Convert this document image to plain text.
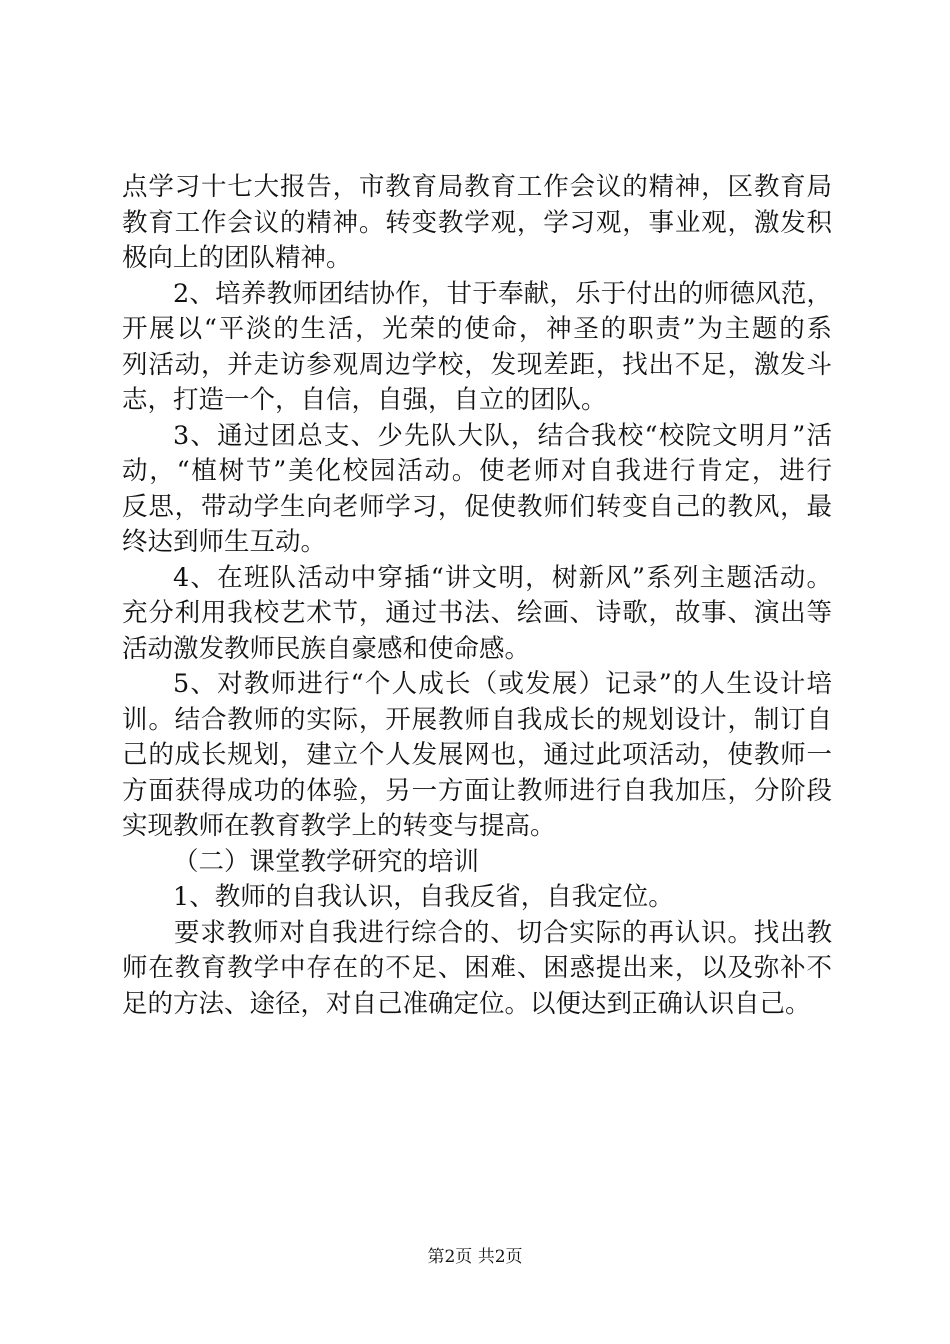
点学习十七大报告，市教育局教育工作会议的精神，区教育局
教育工作会议的精神。转变教学观，学习观，事业观，激发积
极向上的团队精神。
2、培养教师团结协作，甘于奉献，乐于付出的师德风范，
开展以“平淡的生活，光荣的使命，神圣的职责”为主题的系
列活动，并走访参观周边学校，发现差距，找出不足，激发斗
志，打造一个，自信，自强，自立的团队。
3、通过团总支、少先队大队，结合我校“校院文明月”活
动，“植树节”美化校园活动。使老师对自我进行肯定，进行
反思，带动学生向老师学习，促使教师们转变自己的教风，最
终达到师生互动。
4、在班队活动中穿插“讲文明，树新风”系列主题活动。
充分利用我校艺术节，通过书法、绘画、诗歌，故事、演出等
活动激发教师民族自豪感和使命感。
5、对教师进行“个人成长（或发展）记录”的人生设计培
训。结合教师的实际，开展教师自我成长的规划设计，制订自
己的成长规划，建立个人发展网也，通过此项活动，使教师一
方面获得成功的体验，另一方面让教师进行自我加压，分阶段
实现教师在教育教学上的转变与提高。
（二）课堂教学研究的培训
1、教师的自我认识，自我反省，自我定位。
要求教师对自我进行综合的、切合实际的再认识。找出教
师在教育教学中存在的不足、困难、困惑提出来，以及弥补不
足的方法、途径，对自己准确定位。以便达到正确认识自己。
第2页 共2页
